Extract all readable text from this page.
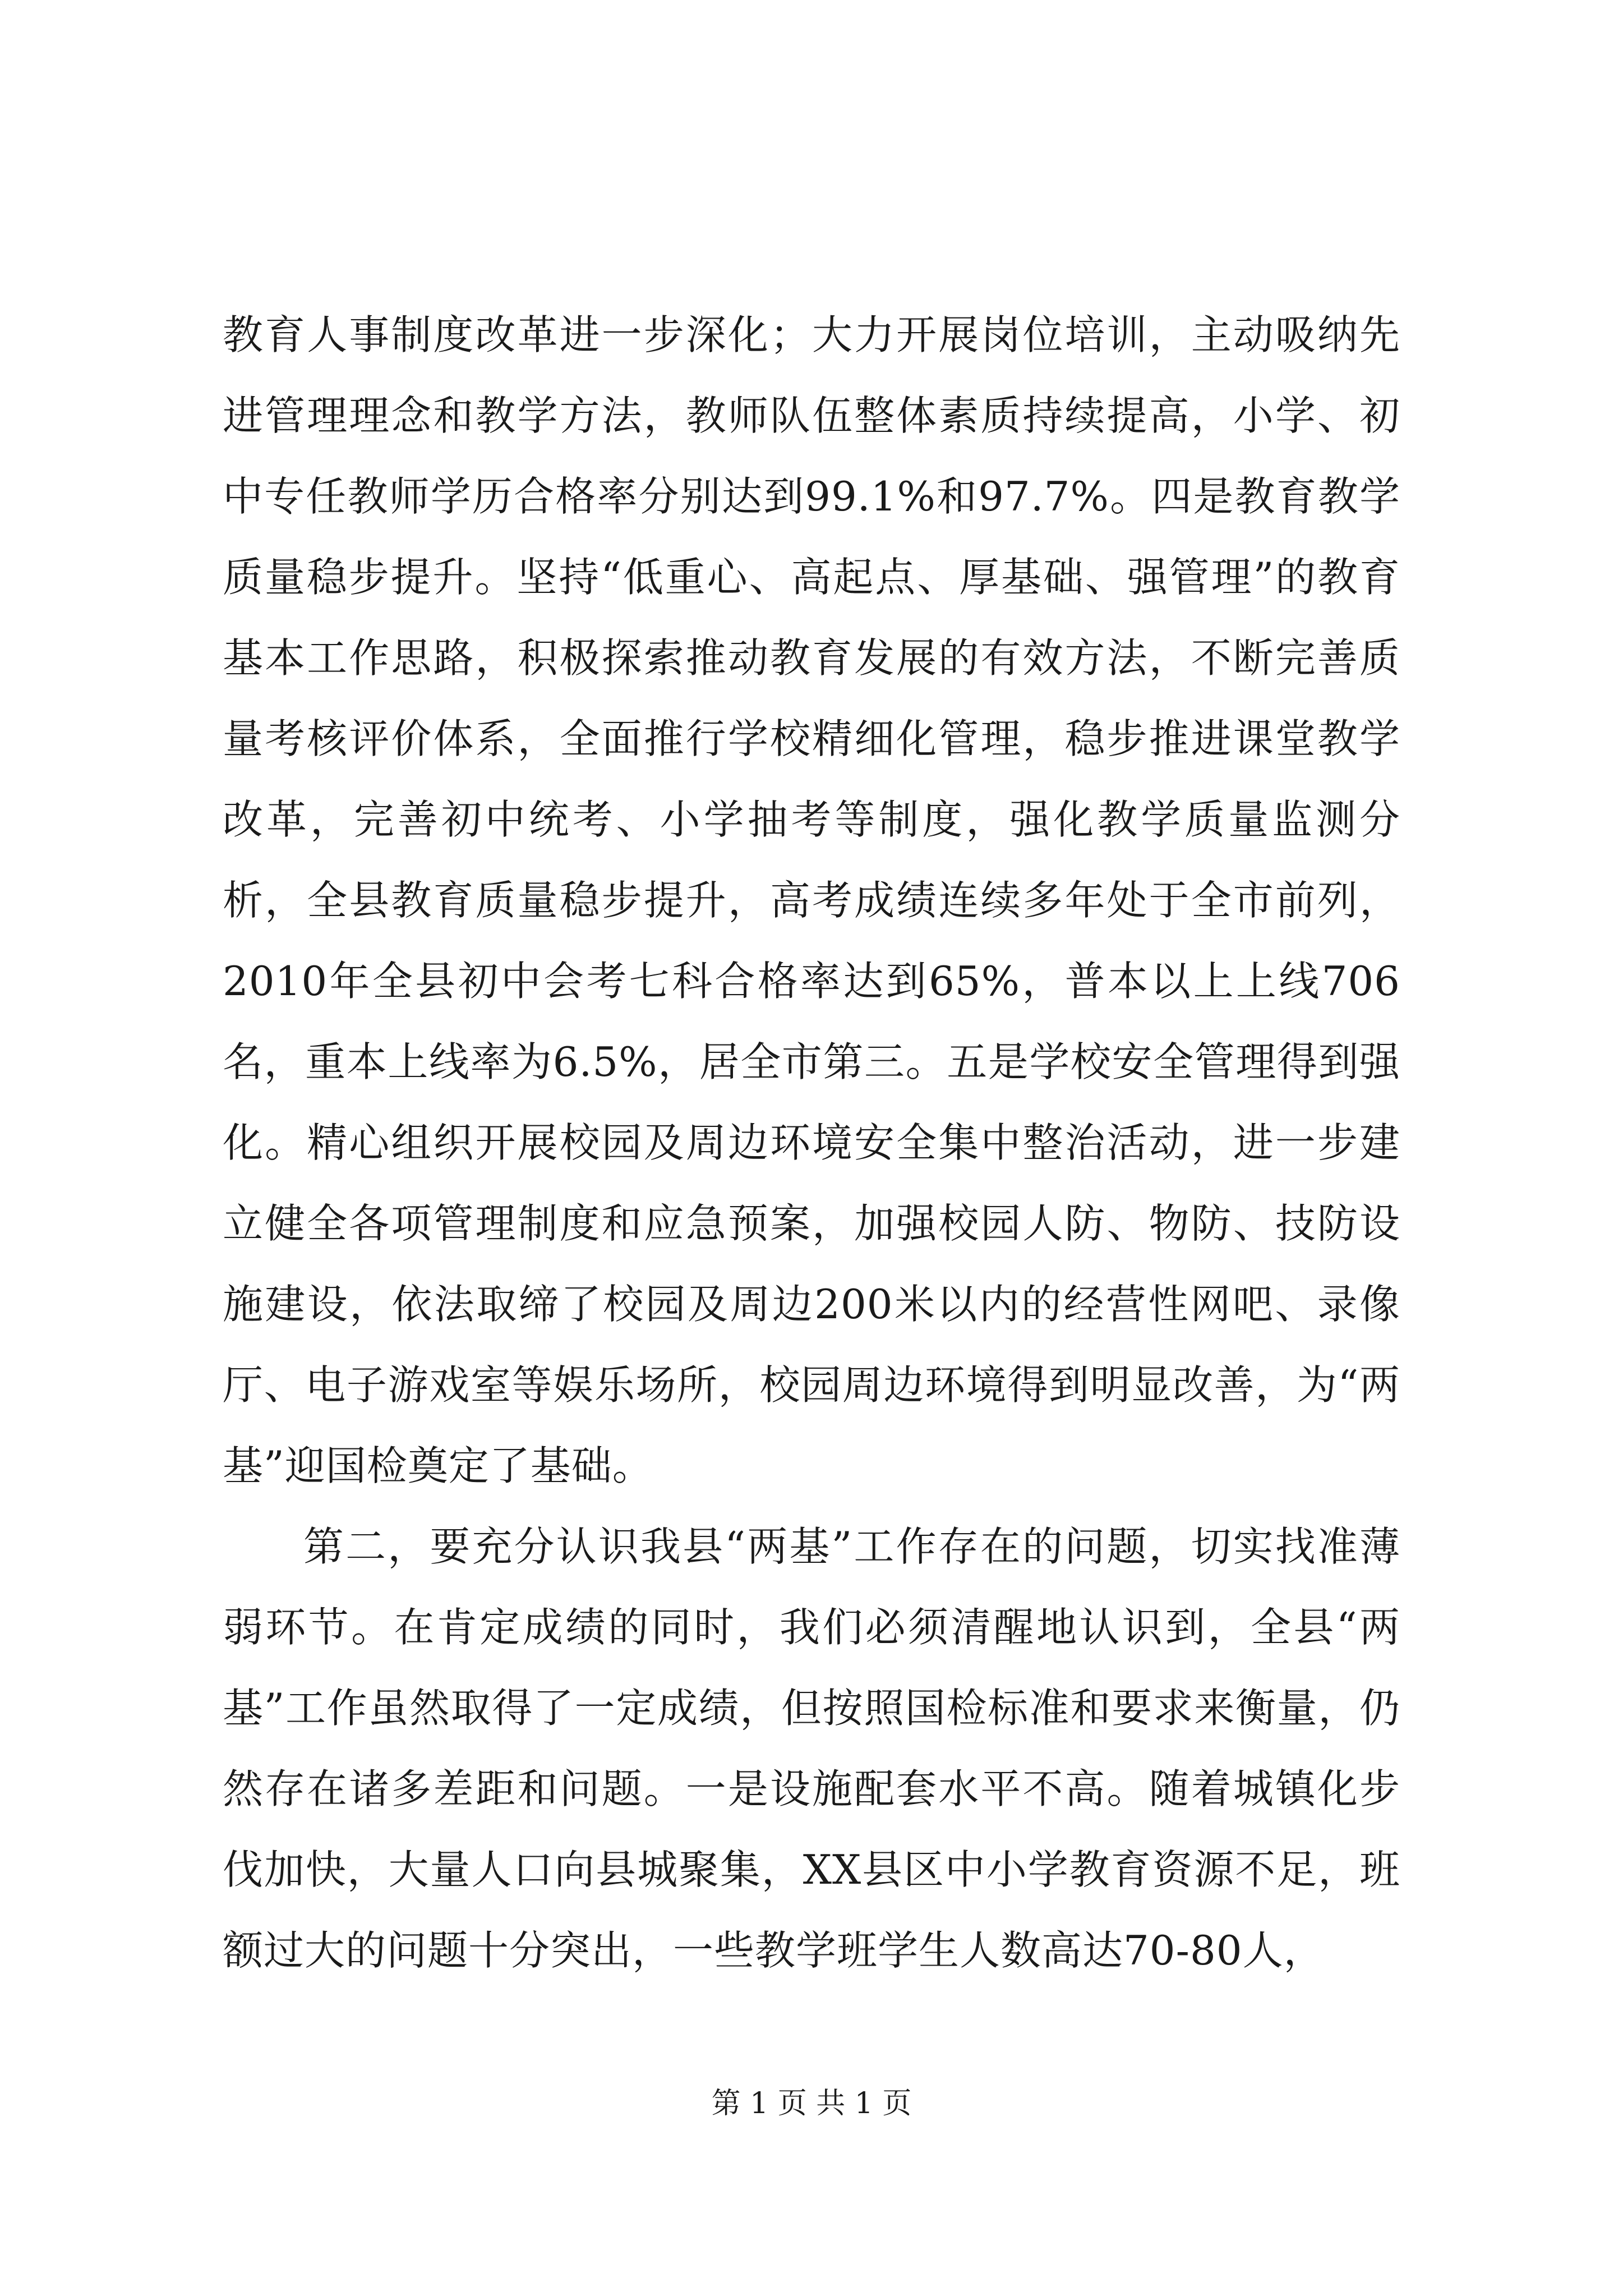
教育人事制度改革进一步深化；大力开展岗位培训，主动吸纳先进管理理念和教学方法，教师队伍整体素质持续提高，小学、初中专任教师学历合格率分别达到99.1%和97.7%。四是教育教学质量稳步提升。坚持“低重心、高起点、厚基础、强管理”的教育基本工作思路，积极探索推动教育发展的有效方法，不断完善质量考核评价体系，全面推行学校精细化管理，稳步推进课堂教学改革，完善初中统考、小学抽考等制度，强化教学质量监测分析，全县教育质量稳步提升，高考成绩连续多年处于全市前列，2010年全县初中会考七科合格率达到65%，普本以上上线706名，重本上线率为6.5%，居全市第三。五是学校安全管理得到强化。精心组织开展校园及周边环境安全集中整治活动，进一步建立健全各项管理制度和应急预案，加强校园人防、物防、技防设施建设，依法取缔了校园及周边200米以内的经营性网吧、录像厅、电子游戏室等娱乐场所，校园周边环境得到明显改善，为“两基”迎国检奠定了基础。

第二，要充分认识我县“两基”工作存在的问题，切实找准薄弱环节。在肯定成绩的同时，我们必须清醒地认识到，全县“两基”工作虽然取得了一定成绩，但按照国检标准和要求来衡量，仍然存在诸多差距和问题。一是设施配套水平不高。随着城镇化步伐加快，大量人口向县城聚集，XX县区中小学教育资源不足，班额过大的问题十分突出，一些教学班学生人数高达70-80人，

第 1 页 共 1 页
